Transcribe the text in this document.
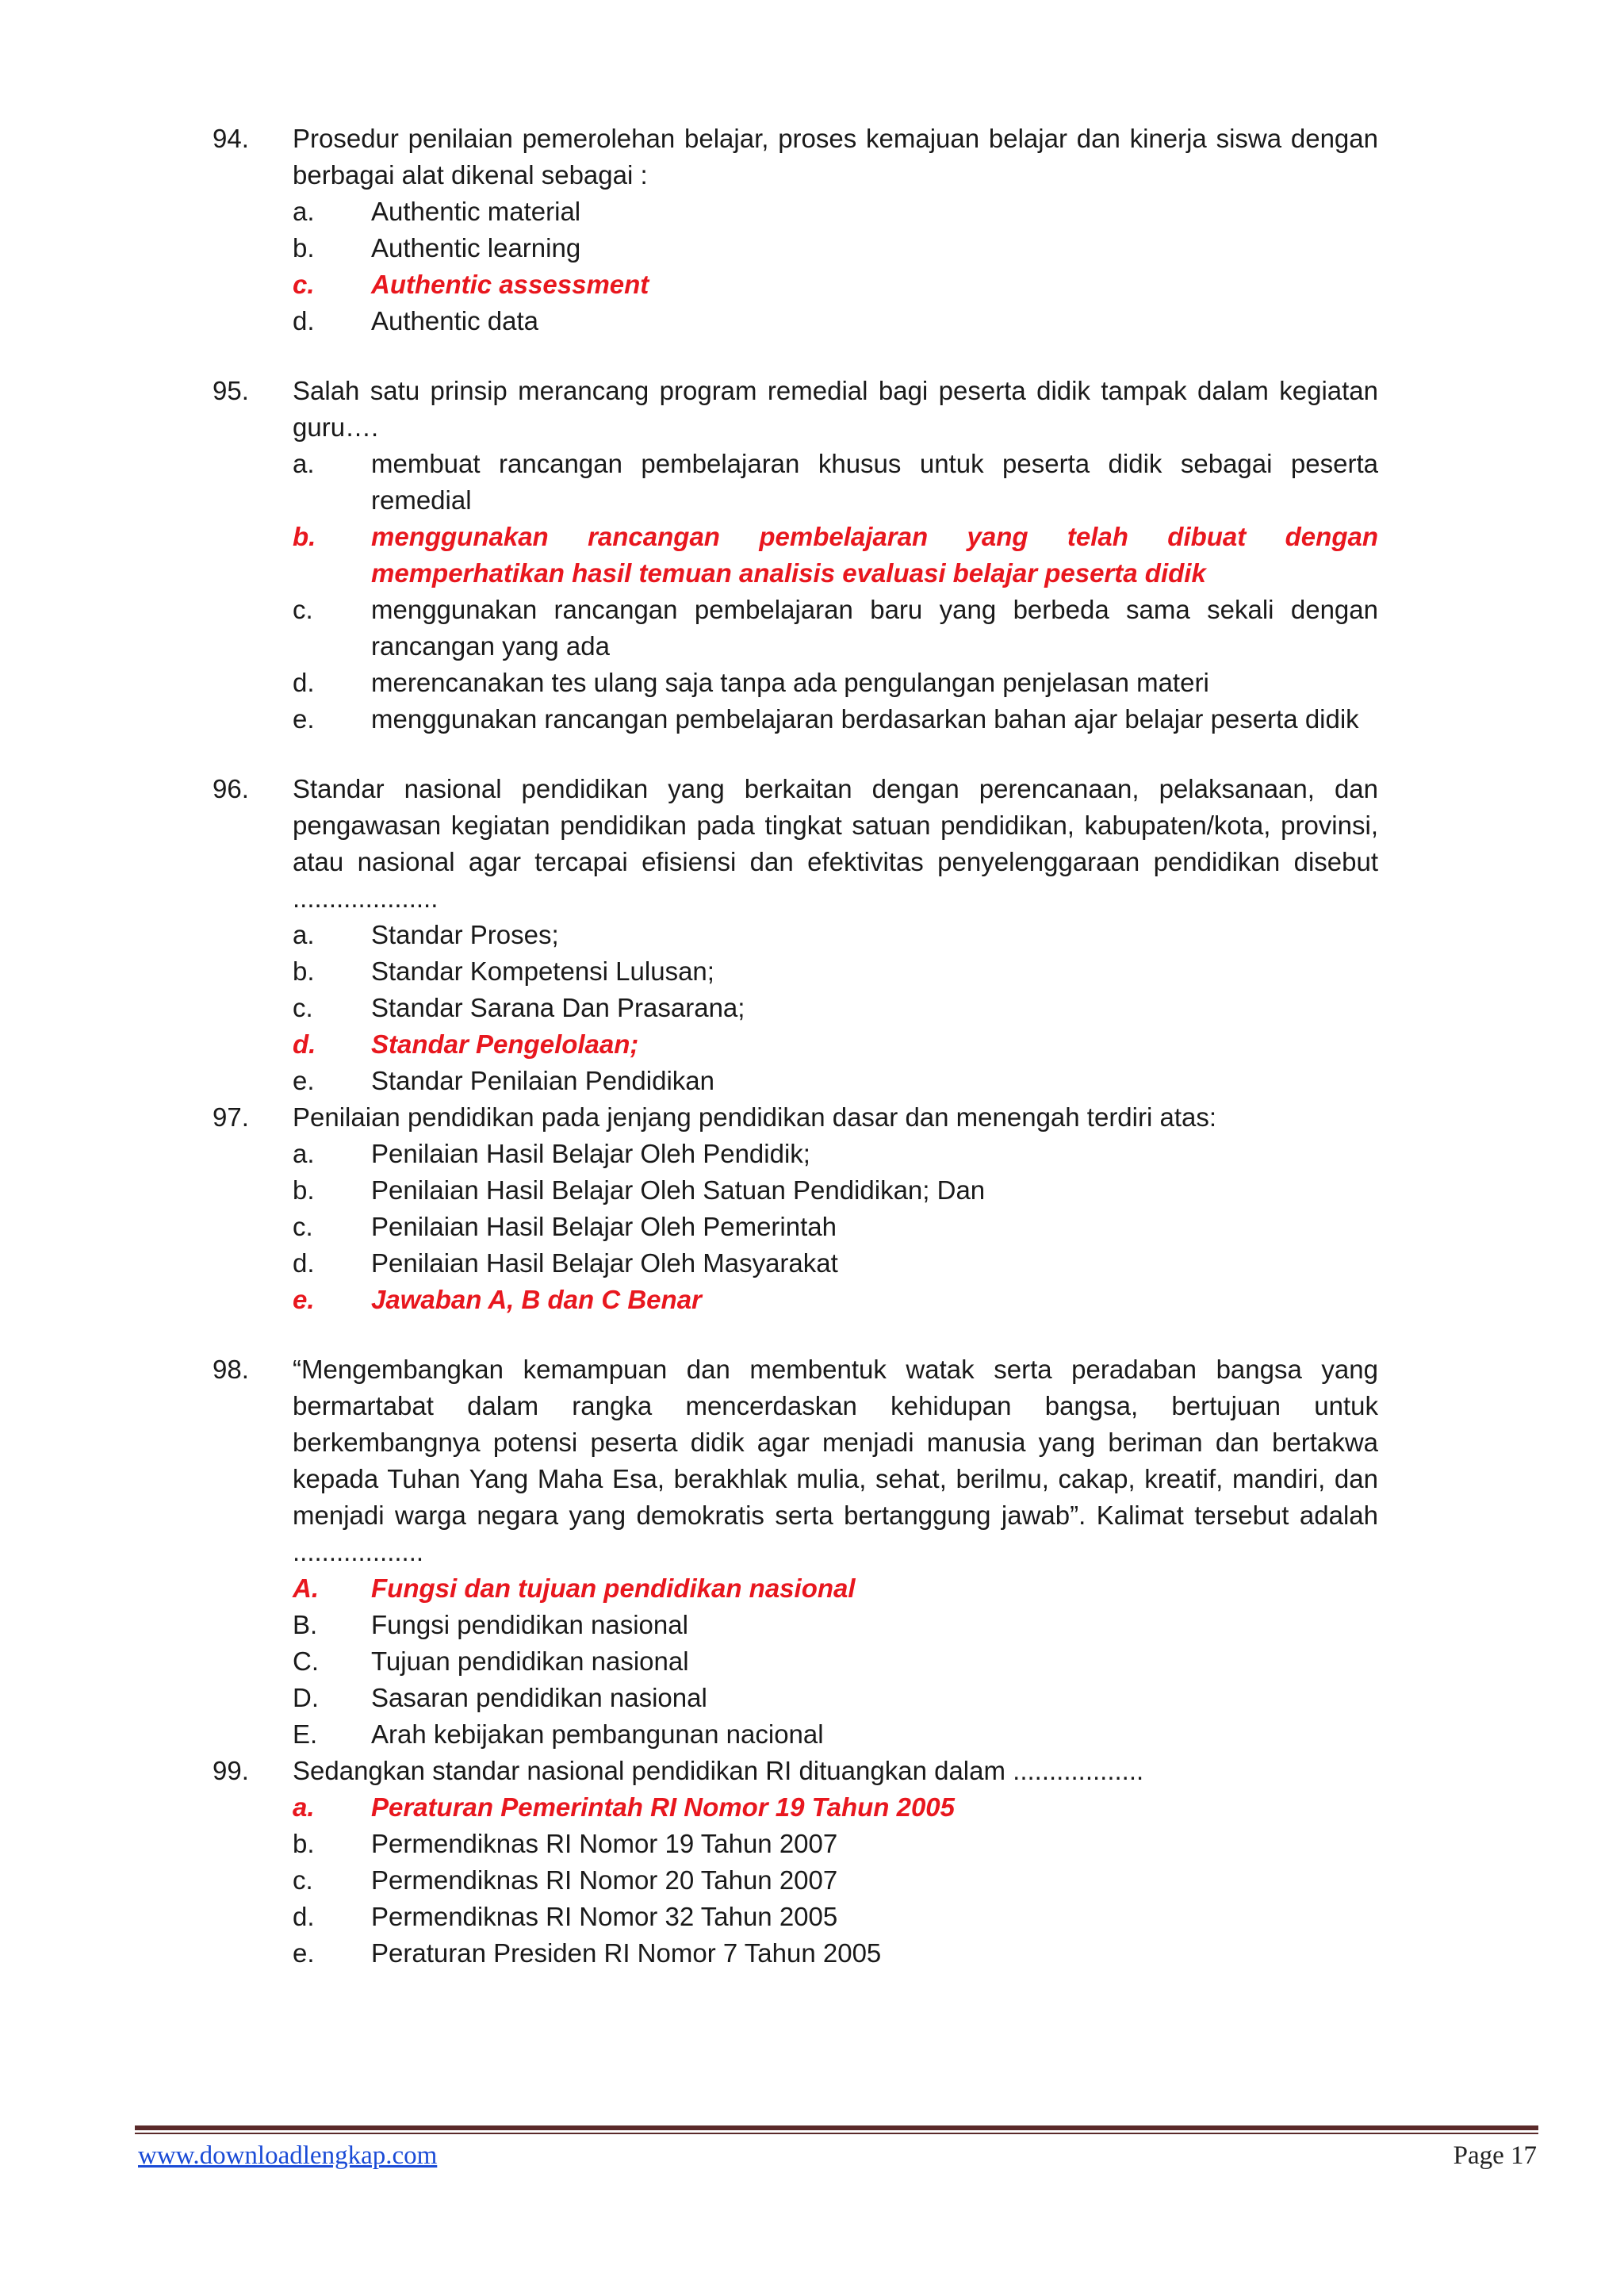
94.	Prosedur penilaian pemerolehan belajar, proses kemajuan belajar dan kinerja siswa dengan berbagai alat dikenal sebagai :
a. Authentic material
b. Authentic learning
c. Authentic assessment
d. Authentic data
95.	Salah satu prinsip merancang program remedial bagi peserta didik tampak dalam kegiatan guru….
a. membuat rancangan pembelajaran khusus untuk peserta didik sebagai peserta remedial
b. menggunakan rancangan pembelajaran yang telah dibuat dengan memperhatikan hasil temuan analisis evaluasi belajar peserta didik
c. menggunakan rancangan pembelajaran baru yang berbeda sama sekali dengan rancangan yang ada
d. merencanakan tes ulang saja tanpa ada pengulangan penjelasan materi
e. menggunakan rancangan pembelajaran berdasarkan bahan ajar belajar peserta didik
96.	Standar nasional pendidikan yang berkaitan dengan perencanaan, pelaksanaan, dan pengawasan kegiatan pendidikan pada tingkat satuan pendidikan, kabupaten/kota, provinsi, atau nasional agar tercapai efisiensi dan efektivitas penyelenggaraan pendidikan disebut ....................
a. Standar Proses;
b. Standar Kompetensi Lulusan;
c. Standar Sarana Dan Prasarana;
d. Standar Pengelolaan;
e. Standar Penilaian Pendidikan
97.	Penilaian pendidikan pada jenjang pendidikan dasar dan menengah terdiri atas:
a. Penilaian Hasil Belajar Oleh Pendidik;
b. Penilaian Hasil Belajar Oleh Satuan Pendidikan; Dan
c. Penilaian Hasil Belajar Oleh Pemerintah
d. Penilaian Hasil Belajar Oleh Masyarakat
e. Jawaban A, B dan C Benar
98.	“Mengembangkan kemampuan dan membentuk watak serta peradaban bangsa yang bermartabat dalam rangka mencerdaskan kehidupan bangsa, bertujuan untuk berkembangnya potensi peserta didik agar menjadi manusia yang beriman dan bertakwa kepada Tuhan Yang Maha Esa, berakhlak mulia, sehat, berilmu, cakap, kreatif, mandiri, dan menjadi warga negara yang demokratis serta bertanggung jawab”. Kalimat tersebut adalah ..................
A. Fungsi dan tujuan pendidikan nasional
B. Fungsi pendidikan nasional
C. Tujuan pendidikan nasional
D. Sasaran pendidikan nasional
E. Arah kebijakan pembangunan nacional
99.	Sedangkan standar nasional pendidikan RI dituangkan dalam ..................
a. Peraturan Pemerintah RI Nomor 19 Tahun 2005
b. Permendiknas RI Nomor 19 Tahun 2007
c. Permendiknas RI Nomor 20 Tahun 2007
d. Permendiknas RI Nomor 32 Tahun 2005
e. Peraturan Presiden RI Nomor 7 Tahun 2005
www.downloadlengkap.com	Page 17
